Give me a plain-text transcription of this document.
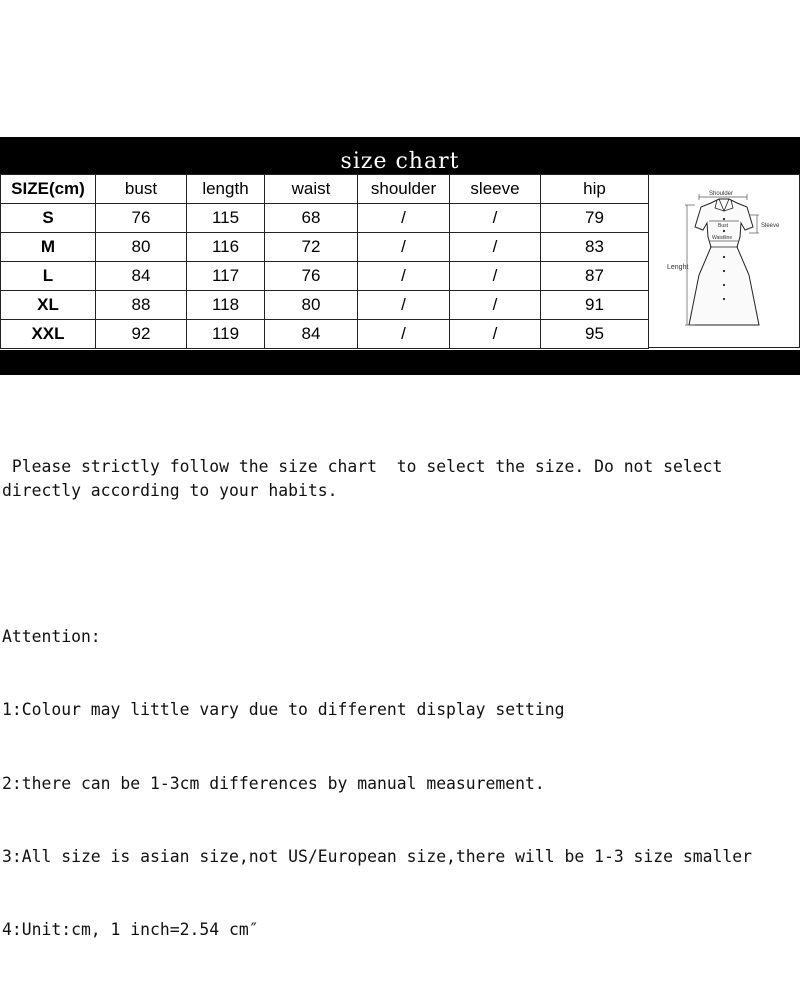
size chart
SIZE(cm)	bust	length	waist	shoulder	sleeve	hip
S	76	115	68	/	/	79
M	80	116	72	/	/	83
L	84	117	76	/	/	87
XL	88	118	80	/	/	91
XXL	92	119	84	/	/	95
Shoulder
Bust
Waistline
Sleeve
Lenght

Please strictly follow the size chart  to select the size. Do not select directly according to your habits.

Attention:

1:Colour may little vary due to different display setting

2:there can be 1-3cm differences by manual measurement.

3:All size is asian size,not US/European size,there will be 1-3 size smaller

4:Unit:cm, 1 inch=2.54 cm″
